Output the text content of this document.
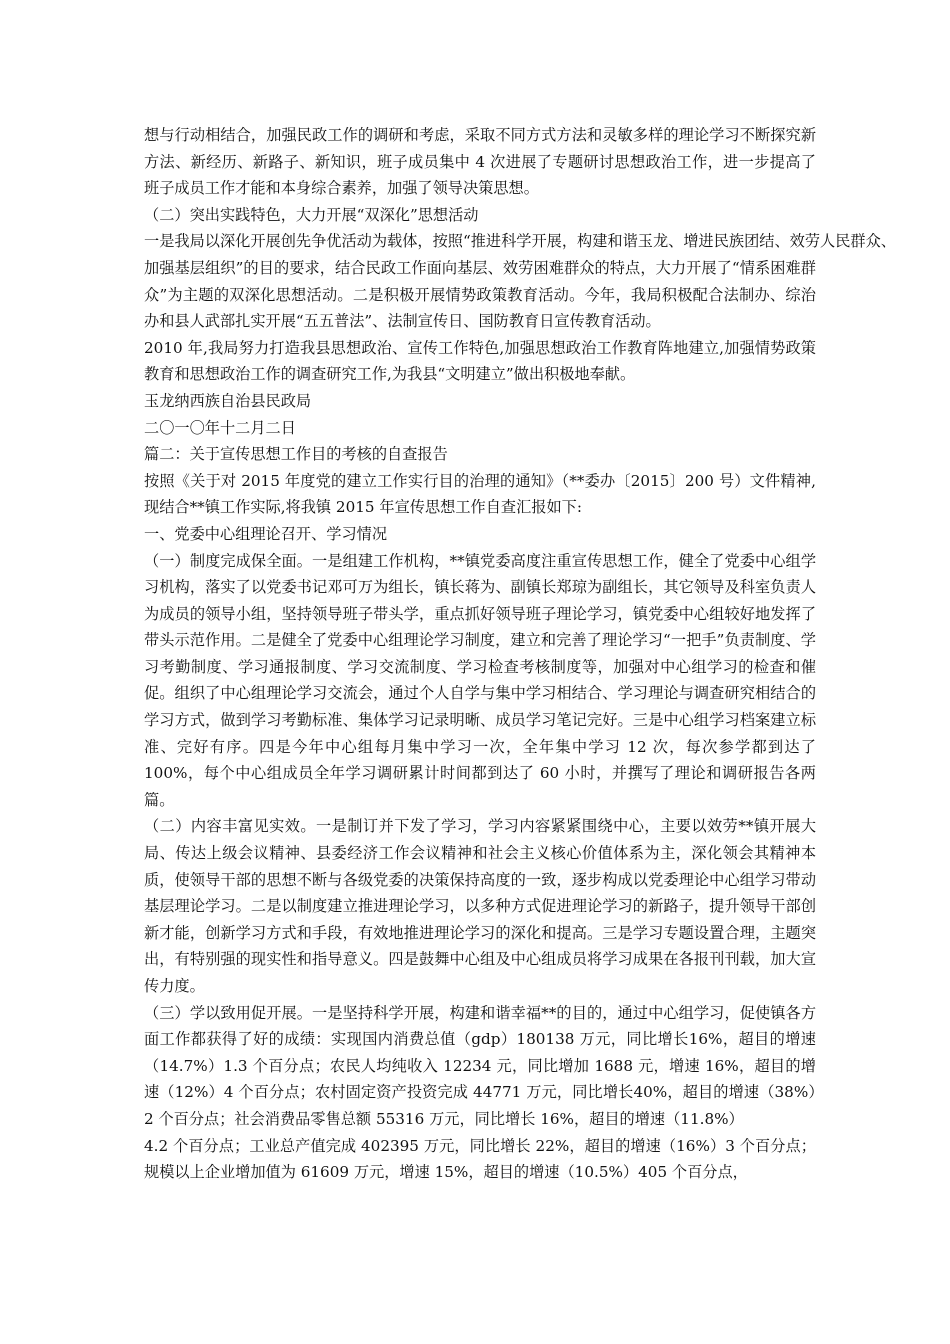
想与行动相结合，加强民政工作的调研和考虑，采取不同方式方法和灵敏多样的理论学习不断探究新方法、新经历、新路子、新知识，班子成员集中 4 次进展了专题研讨思想政治工作，进一步提高了班子成员工作才能和本身综合素养，加强了领导决策思想。

（二）突出实践特色，大力开展“双深化”思想活动

一是我局以深化开展创先争优活动为载体，按照“推进科学开展，构建和谐玉龙、增进民族团结、效劳人民群众、

加强基层组织”的目的要求，结合民政工作面向基层、效劳困难群众的特点，大力开展了“情系困难群众”为主题的双深化思想活动。二是积极开展情势政策教育活动。今年，我局积极配合法制办、综治办和县人武部扎实开展“五五普法”、法制宣传日、国防教育日宣传教育活动。

2010 年,我局努力打造我县思想政治、宣传工作特色,加强思想政治工作教育阵地建立,加强情势政策教育和思想政治工作的调查研究工作,为我县“文明建立”做出积极地奉献。

玉龙纳西族自治县民政局

二〇一〇年十二月二日

篇二：关于宣传思想工作目的考核的自查报告

按照《关于对 2015 年度党的建立工作实行目的治理的通知》（**委办〔2015〕200 号）文件精神,现结合**镇工作实际,将我镇 2015 年宣传思想工作自查汇报如下:

一、党委中心组理论召开、学习情况

（一）制度完成保全面。一是组建工作机构，**镇党委高度注重宣传思想工作，健全了党委中心组学习机构，落实了以党委书记邓可万为组长，镇长蒋为、副镇长郑琼为副组长，其它领导及科室负责人为成员的领导小组，坚持领导班子带头学，重点抓好领导班子理论学习，镇党委中心组较好地发挥了带头示范作用。二是健全了党委中心组理论学习制度，建立和完善了理论学习“一把手”负责制度、学习考勤制度、学习通报制度、学习交流制度、学习检查考核制度等，加强对中心组学习的检查和催促。组织了中心组理论学习交流会，通过个人自学与集中学习相结合、学习理论与调查研究相结合的学习方式，做到学习考勤标准、集体学习记录明晰、成员学习笔记完好。三是中心组学习档案建立标准、完好有序。四是今年中心组每月集中学习一次，全年集中学习 12 次，每次参学都到达了100%，每个中心组成员全年学习调研累计时间都到达了 60 小时，并撰写了理论和调研报告各两篇。

（二）内容丰富见实效。一是制订并下发了学习，学习内容紧紧围绕中心，主要以效劳**镇开展大局、传达上级会议精神、县委经济工作会议精神和社会主义核心价值体系为主，深化领会其精神本质，使领导干部的思想不断与各级党委的决策保持高度的一致，逐步构成以党委理论中心组学习带动基层理论学习。二是以制度建立推进理论学习，以多种方式促进理论学习的新路子，提升领导干部创新才能，创新学习方式和手段，有效地推进理论学习的深化和提高。三是学习专题设置合理，主题突出，有特别强的现实性和指导意义。四是鼓舞中心组及中心组成员将学习成果在各报刊刊载，加大宣传力度。

（三）学以致用促开展。一是坚持科学开展，构建和谐幸福**的目的，通过中心组学习，促使镇各方面工作都获得了好的成绩：实现国内消费总值（gdp）180138 万元，同比增长16%，超目的增速（14.7%）1.3 个百分点；农民人均纯收入 12234 元，同比增加 1688 元，增速 16%，超目的增速（12%）4 个百分点；农村固定资产投资完成 44771 万元，同比增长40%，超目的增速（38%）2 个百分点；社会消费品零售总额 55316 万元，同比增长 16%，超目的增速（11.8%）

4.2 个百分点；工业总产值完成 402395 万元，同比增长 22%，超目的增速（16%）3 个百分点；规模以上企业增加值为 61609 万元，增速 15%，超目的增速（10.5%）405 个百分点，
